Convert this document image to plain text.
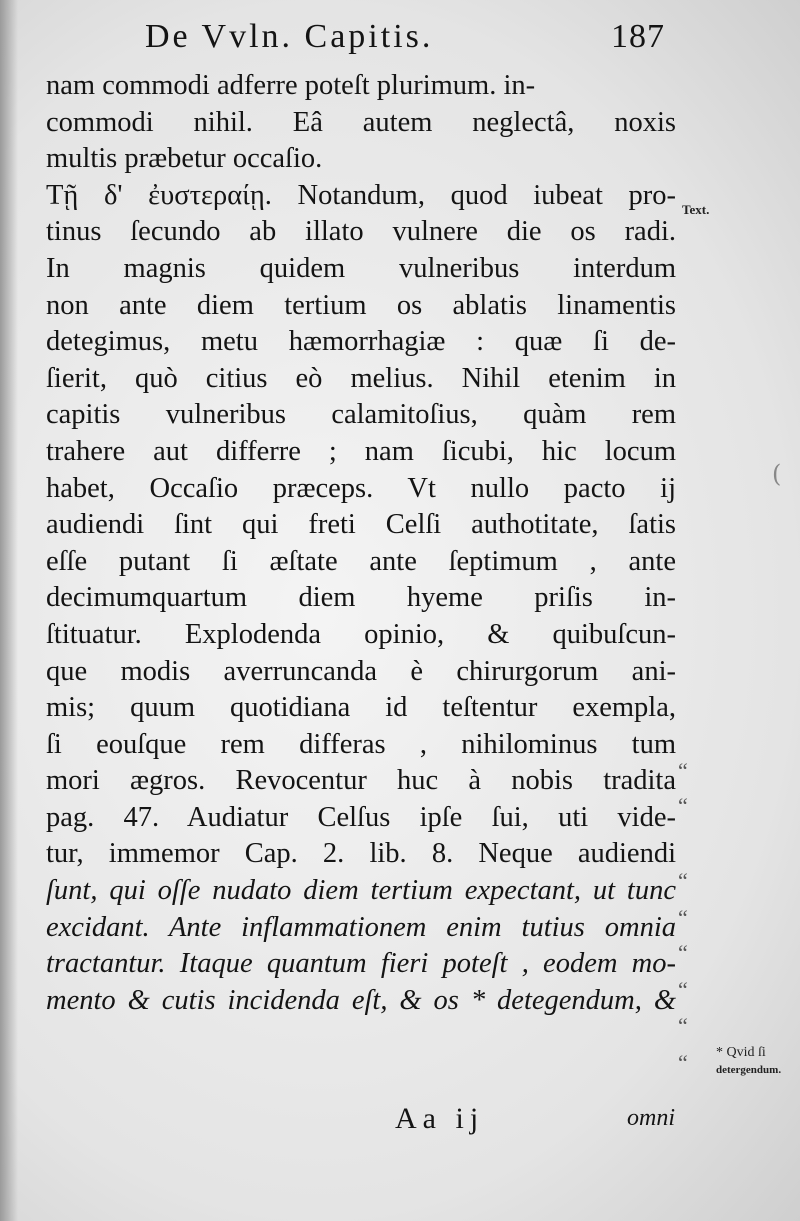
De Vvln. Capitis.	187
nam commodi adferre poteſt plurimum. in-
commodi nihil. Eâ autem neglectâ, noxis
multis præbetur occaſio.
Τῇ δ' ἐυστεραίῃ. Notandum, quod iubeat pro-
tinus ſecundo ab illato vulnere die os radi.
In magnis quidem vulneribus interdum
non ante diem tertium os ablatis linamentis
detegimus, metu hæmorrhagiæ : quæ ſi de-
ſierit, quò citius eò melius. Nihil etenim in
capitis vulneribus calamitoſius, quàm rem
trahere aut differre ; nam ſicubi, hic locum
habet, Occaſio præceps. Vt nullo pacto ij
audiendi ſint qui freti Celſi authotitate, ſatis
eſſe putant ſi æſtate ante ſeptimum , ante
decimumquartum diem hyeme priſis in-
ſtituatur. Explodenda opinio, & quibuſcun-
que modis averruncanda è chirurgorum ani-
mis; quum quotidiana id teſtentur exempla,
ſi eouſque rem differas , nihilominus tum
mori ægros. Revocentur huc à nobis tradita
pag. 47. Audiatur Celſus ipſe ſui, uti vide-
tur, immemor Cap. 2. lib. 8. Neque audiendi
ſunt, qui oſſe nudato diem tertium expectant, ut tunc
excidant. Ante inflammationem enim tutius omnia
tractantur. Itaque quantum fieri poteſt , eodem mo-
mento & cutis incidenda eſt, & os * detegendum, &
Text.
“
“
“
“
“
“
“
“	* Qvid ſi
detergendum.
(
Aa ij	omni
